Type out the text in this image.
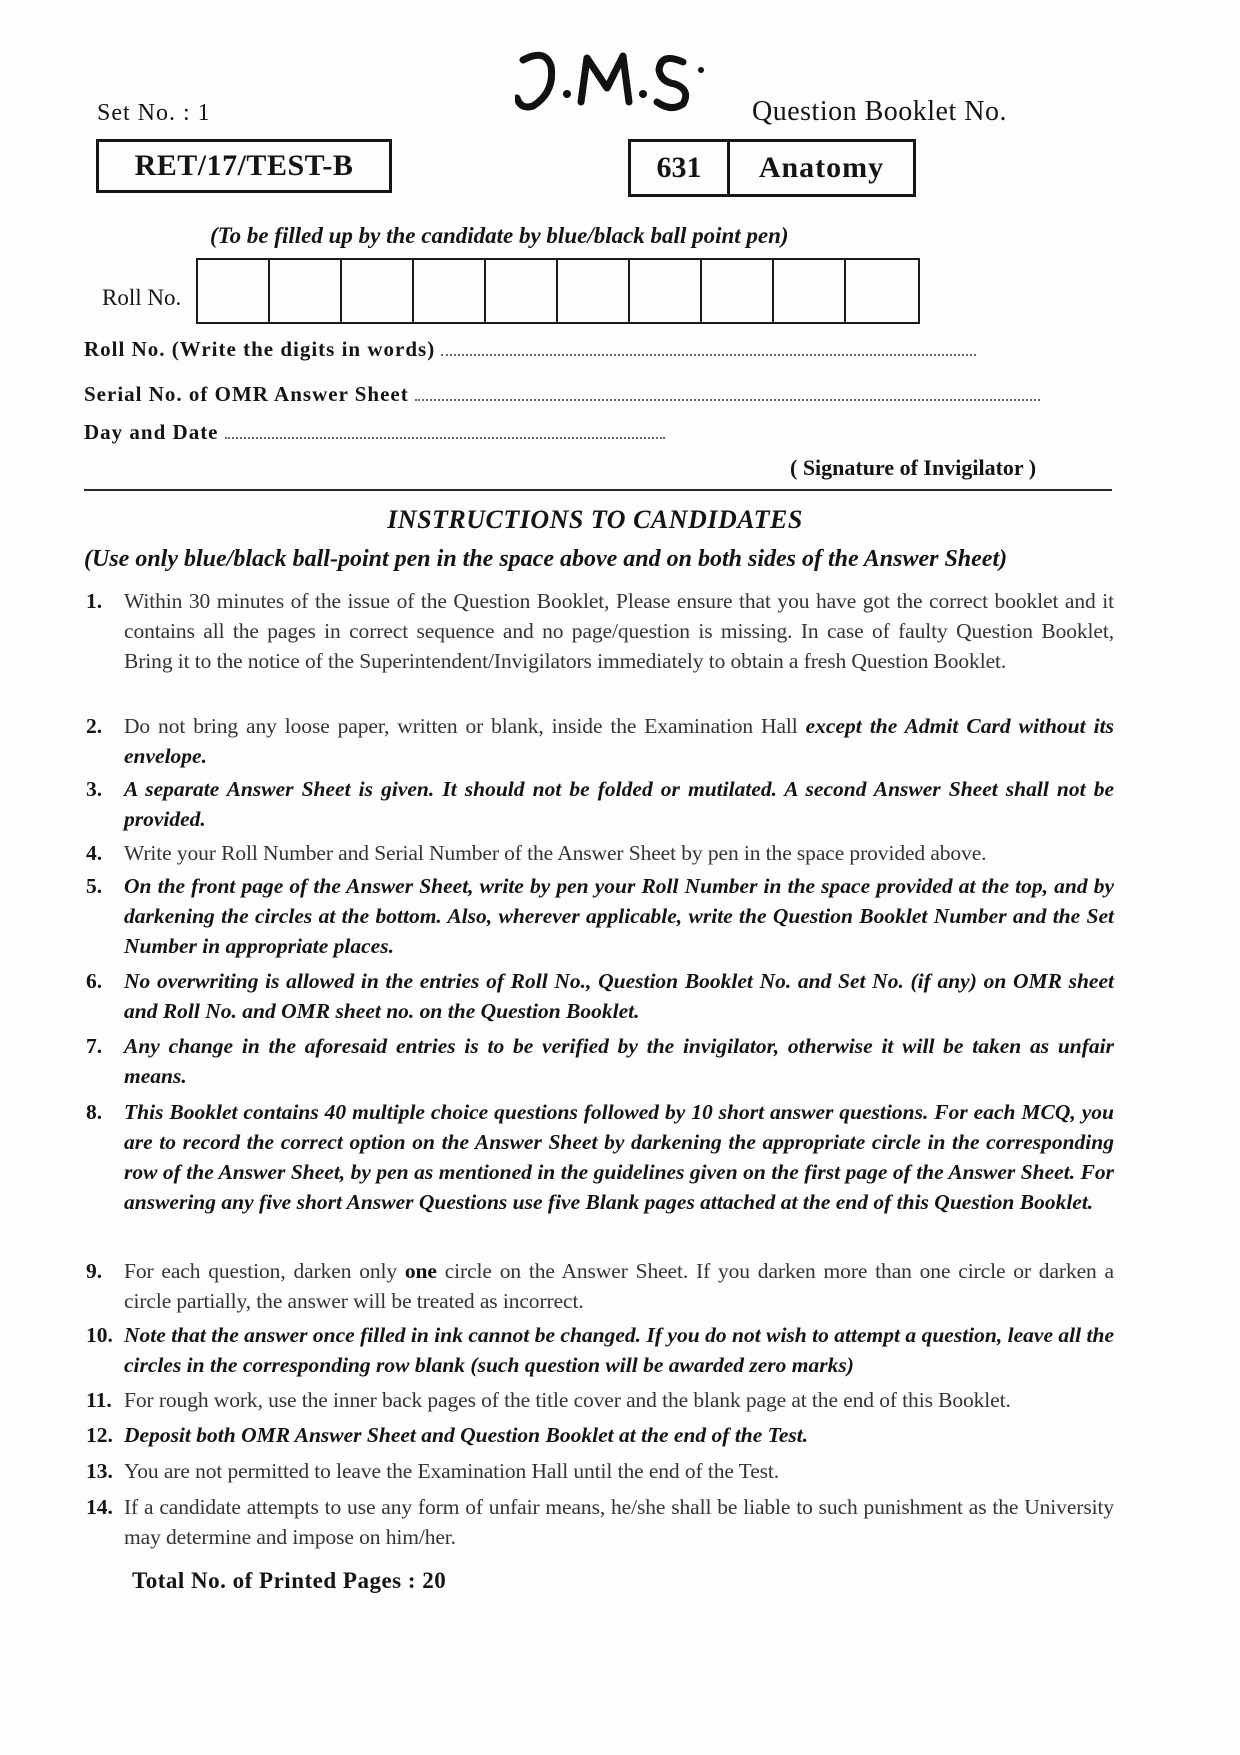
Set No. : 1	Question Booklet No.
RET/17/TEST-B	631	Anatomy
(To be filled up by the candidate by blue/black ball point pen)
Roll No.
Roll No. (Write the digits in words)
Serial No. of OMR Answer Sheet
Day and Date
( Signature of Invigilator )
INSTRUCTIONS TO CANDIDATES
(Use only blue/black ball-point pen in the space above and on both sides of the Answer Sheet)
1.	Within 30 minutes of the issue of the Question Booklet, Please ensure that you have got the correct booklet and it contains all the pages in correct sequence and no page/question is missing. In case of faulty Question Booklet, Bring it to the notice of the Superintendent/Invigilators immediately to obtain a fresh Question Booklet.
2.	Do not bring any loose paper, written or blank, inside the Examination Hall except the Admit Card without its envelope.
3.	A separate Answer Sheet is given. It should not be folded or mutilated. A second Answer Sheet shall not be provided.
4.	Write your Roll Number and Serial Number of the Answer Sheet by pen in the space provided above.
5.	On the front page of the Answer Sheet, write by pen your Roll Number in the space provided at the top, and by darkening the circles at the bottom. Also, wherever applicable, write the Question Booklet Number and the Set Number in appropriate places.
6.	No overwriting is allowed in the entries of Roll No., Question Booklet No. and Set No. (if any) on OMR sheet and Roll No. and OMR sheet no. on the Question Booklet.
7.	Any change in the aforesaid entries is to be verified by the invigilator, otherwise it will be taken as unfair means.
8.	This Booklet contains 40 multiple choice questions followed by 10 short answer questions. For each MCQ, you are to record the correct option on the Answer Sheet by darkening the appropriate circle in the corresponding row of the Answer Sheet, by pen as mentioned in the guidelines given on the first page of the Answer Sheet. For answering any five short Answer Questions use five Blank pages attached at the end of this Question Booklet.
9.	For each question, darken only one circle on the Answer Sheet. If you darken more than one circle or darken a circle partially, the answer will be treated as incorrect.
10. Note that the answer once filled in ink cannot be changed. If you do not wish to attempt a question, leave all the circles in the corresponding row blank (such question will be awarded zero marks)
11. For rough work, use the inner back pages of the title cover and the blank page at the end of this Booklet.
12. Deposit both OMR Answer Sheet and Question Booklet at the end of the Test.
13. You are not permitted to leave the Examination Hall until the end of the Test.
14. If a candidate attempts to use any form of unfair means, he/she shall be liable to such punishment as the University may determine and impose on him/her.
Total No. of Printed Pages : 20
